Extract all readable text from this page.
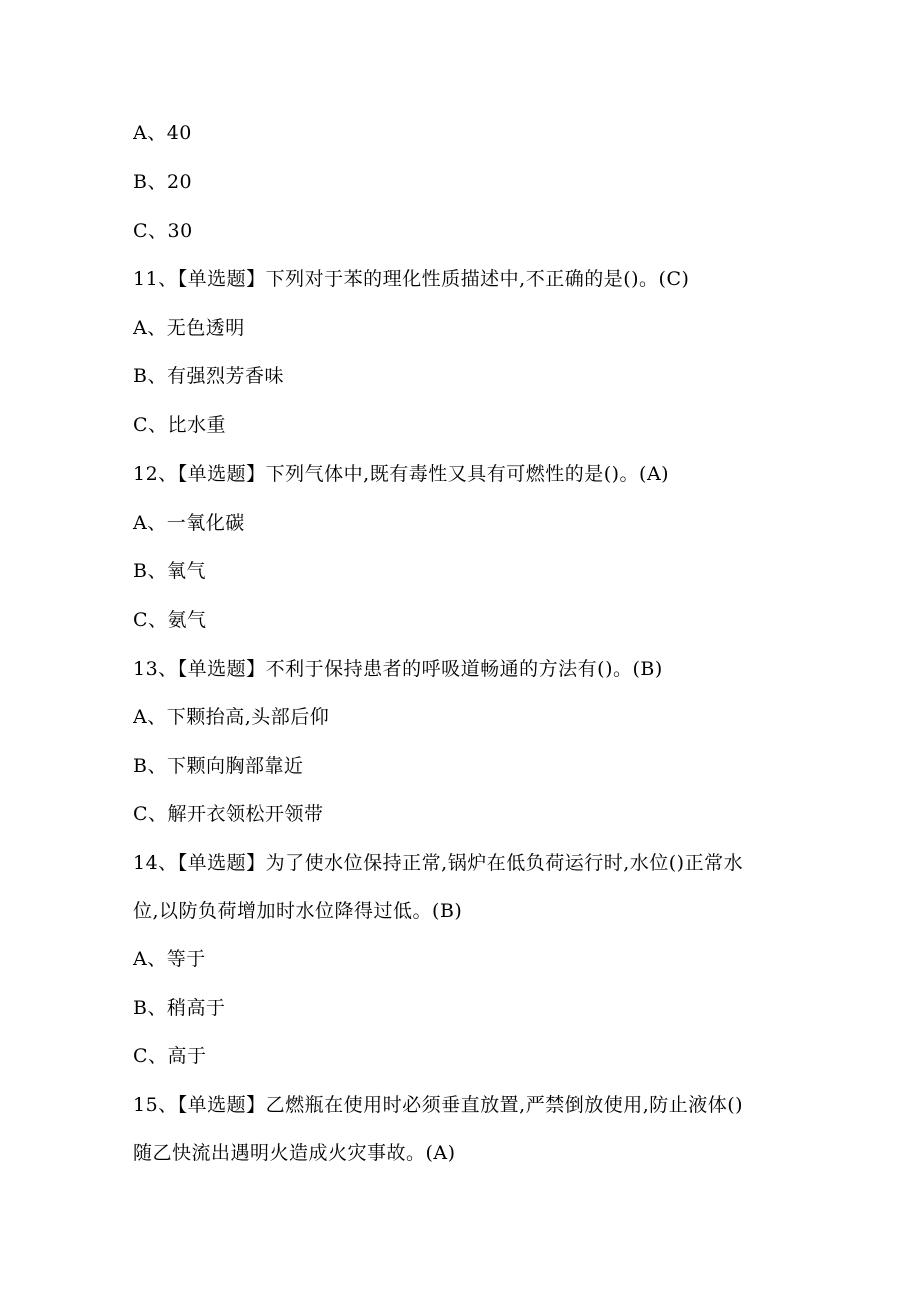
A、40
B、20
C、30
11、【单选题】下列对于苯的理化性质描述中,不正确的是()。(C)
A、无色透明
B、有强烈芳香味
C、比水重
12、【单选题】下列气体中,既有毒性又具有可燃性的是()。(A)
A、一氧化碳
B、氧气
C、氨气
13、【单选题】不利于保持患者的呼吸道畅通的方法有()。(B)
A、下颗抬高,头部后仰
B、下颗向胸部靠近
C、解开衣领松开领带
14、【单选题】为了使水位保持正常,锅炉在低负荷运行时,水位()正常水
位,以防负荷增加时水位降得过低。(B)
A、等于
B、稍高于
C、高于
15、【单选题】乙燃瓶在使用时必须垂直放置,严禁倒放使用,防止液体()
随乙快流出遇明火造成火灾事故。(A)
